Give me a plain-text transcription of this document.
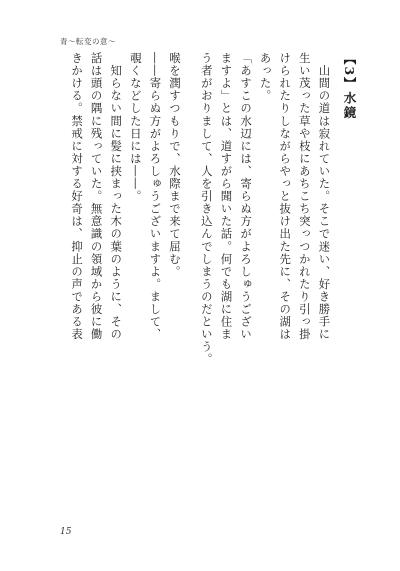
青〜転変の意〜
【3】水鏡
　山間の道は寂れていた。そこで迷い、好き勝手に
生い茂った草や枝にあちこち突っつかれたり引っ掛
けられたりしながらやっと抜け出た先に、その湖は
あった。
「あすこの水辺には、寄らぬ方がよろしゅうござい
ますよ」とは、道すがら聞いた話。何でも湖に住ま
う者がおりまして、人を引き込んでしまうのだという。
喉を潤すつもりで、水際まで来て屈む。
――寄らぬ方がよろしゅうございますよ。まして、
覗くなどした日には――。
　知らない間に髪に挟まった木の葉のように、その
話は頭の隅に残っていた。無意識の領域から彼に働
きかける。禁戒に対する好奇は、抑止の声である表
15
